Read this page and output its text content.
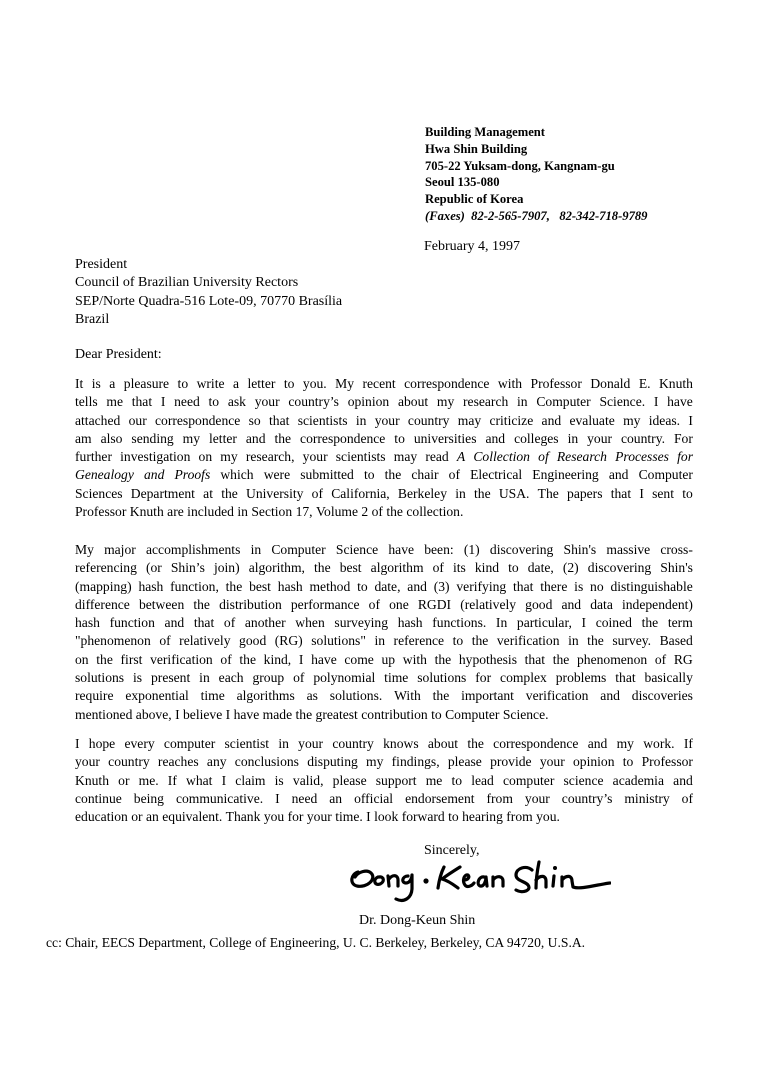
Building Management
Hwa Shin Building
705-22 Yuksam-dong, Kangnam-gu
Seoul 135-080
Republic of Korea
(Faxes)  82-2-565-7907,   82-342-718-9789
February 4, 1997
President
Council of Brazilian University Rectors
SEP/Norte Quadra-516 Lote-09, 70770 Brasília
Brazil
Dear President:
It is a pleasure to write a letter to you. My recent correspondence with Professor Donald E. Knuth
tells me that I need to ask your country’s opinion about my research in Computer Science. I have
attached our correspondence so that scientists in your country may criticize and evaluate my ideas. I
am also sending my letter and the correspondence to universities and colleges in your country. For
further investigation on my research, your scientists may read A Collection of Research Processes for
Genealogy and Proofs which were submitted to the chair of Electrical Engineering and Computer
Sciences Department at the University of California, Berkeley in the USA. The papers that I sent to
Professor Knuth are included in Section 17, Volume 2 of the collection.
My major accomplishments in Computer Science have been: (1) discovering Shin's massive cross-
referencing (or Shin’s join) algorithm, the best algorithm of its kind to date, (2) discovering Shin's
(mapping) hash function, the best hash method to date, and (3) verifying that there is no distinguishable
difference between the distribution performance of one RGDI (relatively good and data independent)
hash function and that of another when surveying hash functions. In particular, I coined the term
"phenomenon of relatively good (RG) solutions" in reference to the verification in the survey. Based
on the first verification of the kind, I have come up with the hypothesis that the phenomenon of RG
solutions is present in each group of polynomial time solutions for complex problems that basically
require exponential time algorithms as solutions. With the important verification and discoveries
mentioned above, I believe I have made the greatest contribution to Computer Science.
I hope every computer scientist in your country knows about the correspondence and my work. If
your country reaches any conclusions disputing my findings, please provide your opinion to Professor
Knuth or me. If what I claim is valid, please support me to lead computer science academia and
continue being communicative. I need an official endorsement from your country’s ministry of
education or an equivalent. Thank you for your time. I look forward to hearing from you.
Sincerely,
Dr. Dong-Keun Shin
cc: Chair, EECS Department, College of Engineering, U. C. Berkeley, Berkeley, CA 94720, U.S.A.
